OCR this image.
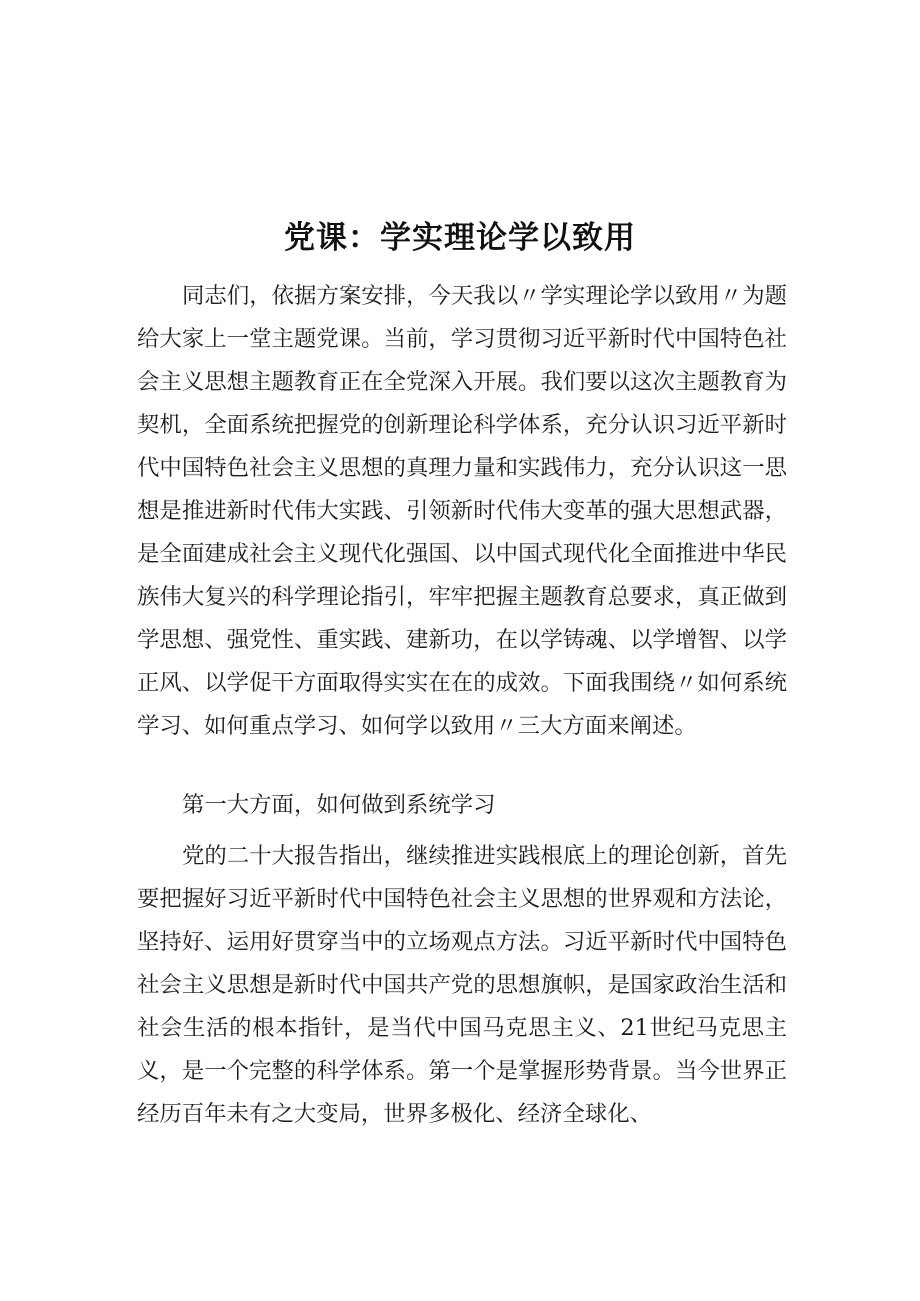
党课：学实理论学以致用

同志们，依据方案安排，今天我以〃学实理论学以致用〃为题给大家上一堂主题党课。当前，学习贯彻习近平新时代中国特色社会主义思想主题教育正在全党深入开展。我们要以这次主题教育为契机，全面系统把握党的创新理论科学体系，充分认识习近平新时代中国特色社会主义思想的真理力量和实践伟力，充分认识这一思想是推进新时代伟大实践、引领新时代伟大变革的强大思想武器，是全面建成社会主义现代化强国、以中国式现代化全面推进中华民族伟大复兴的科学理论指引，牢牢把握主题教育总要求，真正做到学思想、强党性、重实践、建新功，在以学铸魂、以学增智、以学正风、以学促干方面取得实实在在的成效。下面我围绕〃如何系统学习、如何重点学习、如何学以致用〃三大方面来阐述。

第一大方面，如何做到系统学习

党的二十大报告指出，继续推进实践根底上的理论创新，首先要把握好习近平新时代中国特色社会主义思想的世界观和方法论，坚持好、运用好贯穿当中的立场观点方法。习近平新时代中国特色社会主义思想是新时代中国共产党的思想旗帜，是国家政治生活和社会生活的根本指针，是当代中国马克思主义、21世纪马克思主义，是一个完整的科学体系。第一个是掌握形势背景。当今世界正经历百年未有之大变局，世界多极化、经济全球化、
